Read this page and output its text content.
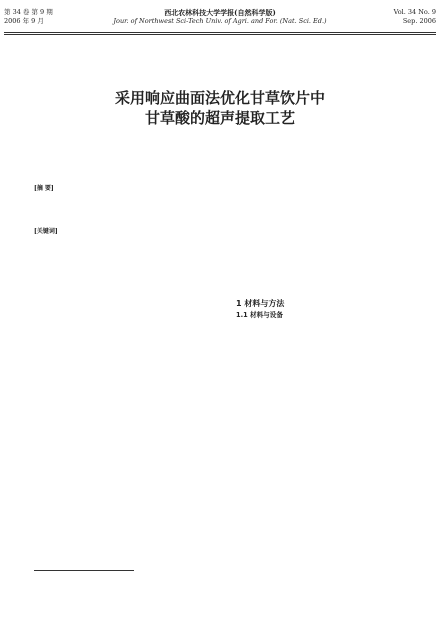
第 34 卷 第 9 期
2006 年 9 月
西北农林科技大学学报(自然科学版)
Jour. of Northwest Sci-Tech Univ. of Agri. and For. (Nat. Sci. Ed.)
Vol. 34 No. 9
Sep. 2006
采用响应曲面法优化甘草饮片中
甘草酸的超声提取工艺
[摘 要]
[关键词]

1 材料与方法
1.1 材料与设备
